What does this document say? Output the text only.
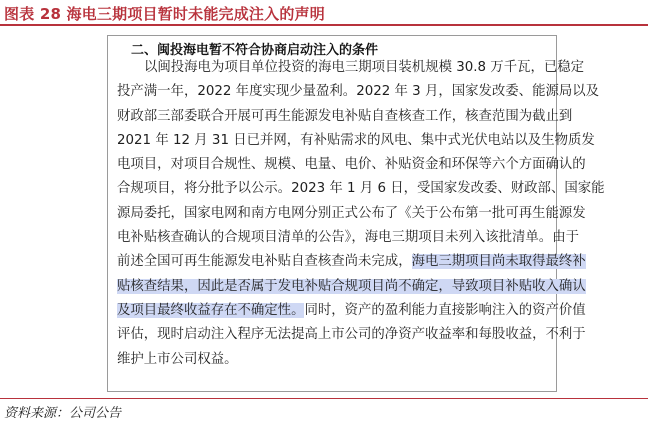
图表 28 海电三期项目暂时未能完成注入的声明
二、闽投海电暂不符合协商启动注入的条件
以闽投海电为项目单位投资的海电三期项目装机规模 30.8 万千瓦，已稳定
投产满一年，2022 年度实现少量盈利。2022 年 3 月，国家发改委、能源局以及
财政部三部委联合开展可再生能源发电补贴自查核查工作，核查范围为截止到
2021 年 12 月 31 日已并网，有补贴需求的风电、集中式光伏电站以及生物质发
电项目，对项目合规性、规模、电量、电价、补贴资金和环保等六个方面确认的
合规项目，将分批予以公示。2023 年 1 月 6 日，受国家发改委、财政部、国家能
源局委托，国家电网和南方电网分别正式公布了《关于公布第一批可再生能源发
电补贴核查确认的合规项目清单的公告》，海电三期项目未列入该批清单。由于
前述全国可再生能源发电补贴自查核查尚未完成，海电三期项目尚未取得最终补
贴核查结果，因此是否属于发电补贴合规项目尚不确定，导致项目补贴收入确认
及项目最终收益存在不确定性。同时，资产的盈利能力直接影响注入的资产价值
评估，现时启动注入程序无法提高上市公司的净资产收益率和每股收益，不利于
维护上市公司权益。
资料来源：公司公告
